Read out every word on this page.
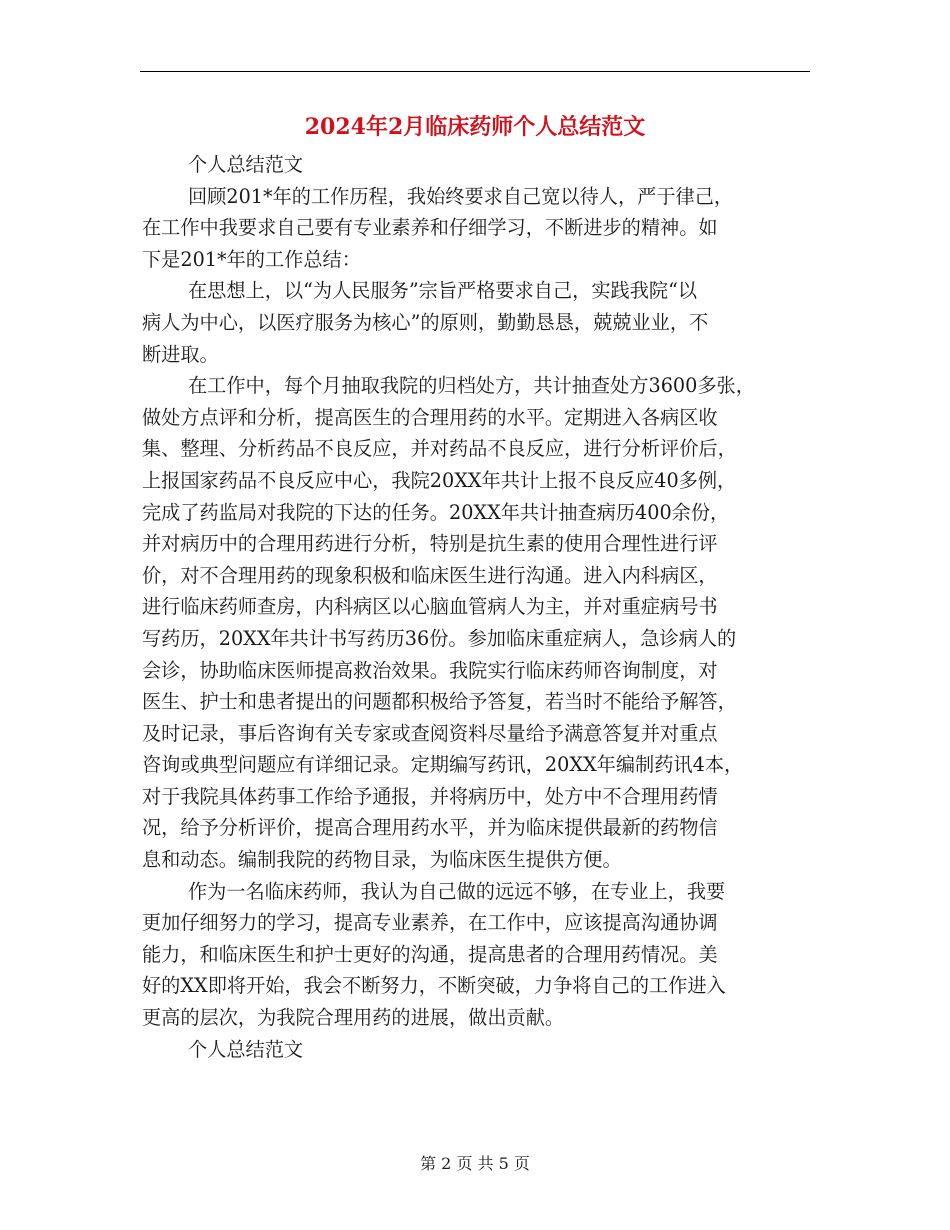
2024年2月临床药师个人总结范文
个人总结范文
回顾201*年的工作历程，我始终要求自己宽以待人，严于律己，
在工作中我要求自己要有专业素养和仔细学习，不断进步的精神。如
下是201*年的工作总结：
在思想上，以“为人民服务”宗旨严格要求自己，实践我院“以
病人为中心，以医疗服务为核心”的原则，勤勤恳恳，兢兢业业，不
断进取。
在工作中，每个月抽取我院的归档处方，共计抽查处方3600多张，
做处方点评和分析，提高医生的合理用药的水平。定期进入各病区收
集、整理、分析药品不良反应，并对药品不良反应，进行分析评价后，
上报国家药品不良反应中心，我院20XX年共计上报不良反应40多例，
完成了药监局对我院的下达的任务。20XX年共计抽查病历400余份，
并对病历中的合理用药进行分析，特别是抗生素的使用合理性进行评
价，对不合理用药的现象积极和临床医生进行沟通。进入内科病区，
进行临床药师查房，内科病区以心脑血管病人为主，并对重症病号书
写药历，20XX年共计书写药历36份。参加临床重症病人，急诊病人的
会诊，协助临床医师提高救治效果。我院实行临床药师咨询制度，对
医生、护士和患者提出的问题都积极给予答复，若当时不能给予解答，
及时记录，事后咨询有关专家或查阅资料尽量给予满意答复并对重点
咨询或典型问题应有详细记录。定期编写药讯，20XX年编制药讯4本，
对于我院具体药事工作给予通报，并将病历中，处方中不合理用药情
况，给予分析评价，提高合理用药水平，并为临床提供最新的药物信
息和动态。编制我院的药物目录，为临床医生提供方便。
作为一名临床药师，我认为自己做的远远不够，在专业上，我要
更加仔细努力的学习，提高专业素养，在工作中，应该提高沟通协调
能力，和临床医生和护士更好的沟通，提高患者的合理用药情况。美
好的XX即将开始，我会不断努力，不断突破，力争将自己的工作进入
更高的层次，为我院合理用药的进展，做出贡献。
个人总结范文
第 2 页 共 5 页
